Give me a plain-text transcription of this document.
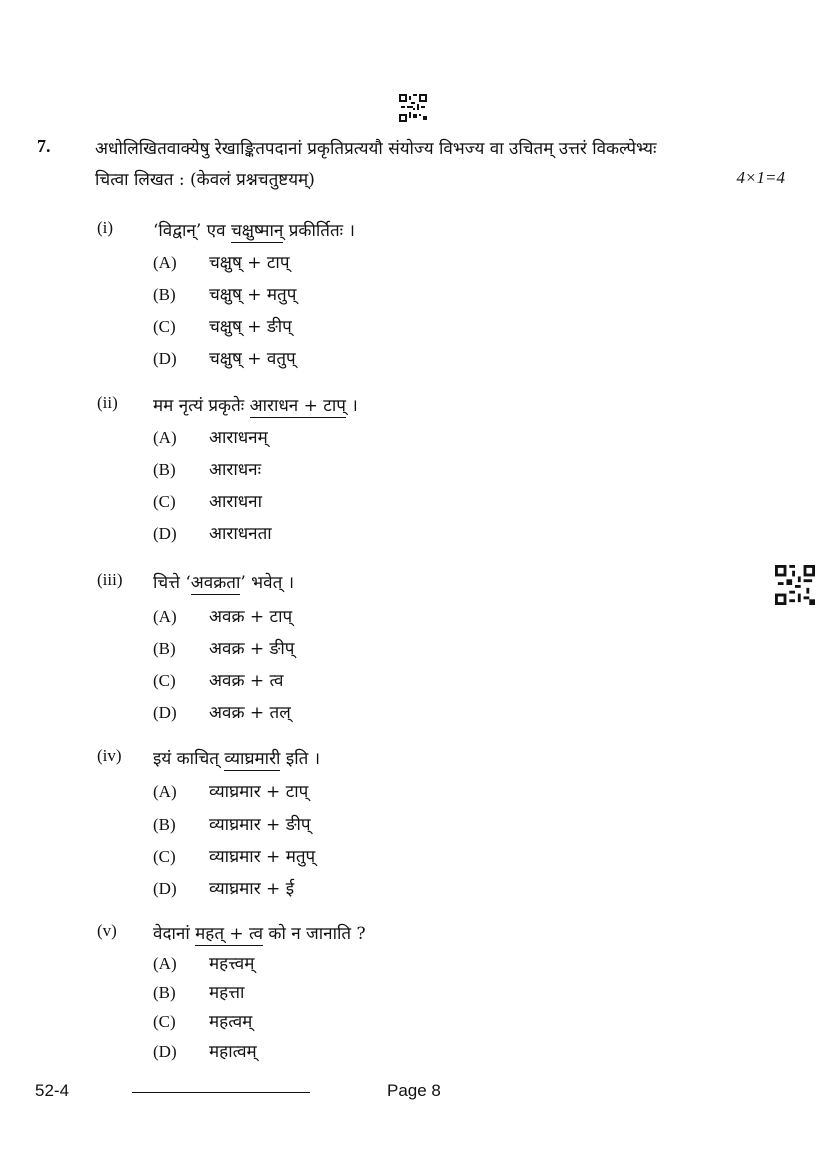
7.	अधोलिखितवाक्येषु रेखाङ्कितपदानां प्रकृतिप्रत्ययौ संयोज्य विभज्य वा उचितम् उत्तरं विकल्पेभ्यः
चित्वा लिखत : (केवलं प्रश्नचतुष्टयम्)	4×1=4
(i) ‘विद्वान्’ एव चक्षुष्मान् प्रकीर्तितः ।
(A) चक्षुष् + टाप्
(B) चक्षुष् + मतुप्
(C) चक्षुष् + ङीप्
(D) चक्षुष् + वतुप्
(ii) मम नृत्यं प्रकृतेः आराधन + टाप् ।
(A) आराधनम्
(B) आराधनः
(C) आराधना
(D) आराधनता
(iii) चित्ते ‘अवक्रता’ भवेत् ।
(A) अवक्र + टाप्
(B) अवक्र + ङीप्
(C) अवक्र + त्व
(D) अवक्र + तल्
(iv) इयं काचित् व्याघ्रमारी इति ।
(A) व्याघ्रमार + टाप्
(B) व्याघ्रमार + ङीप्
(C) व्याघ्रमार + मतुप्
(D) व्याघ्रमार + ई
(v) वेदानां महत् + त्व को न जानाति ?
(A) महत्त्वम्
(B) महत्ता
(C) महत्वम्
(D) महात्वम्
52-4	Page 8
